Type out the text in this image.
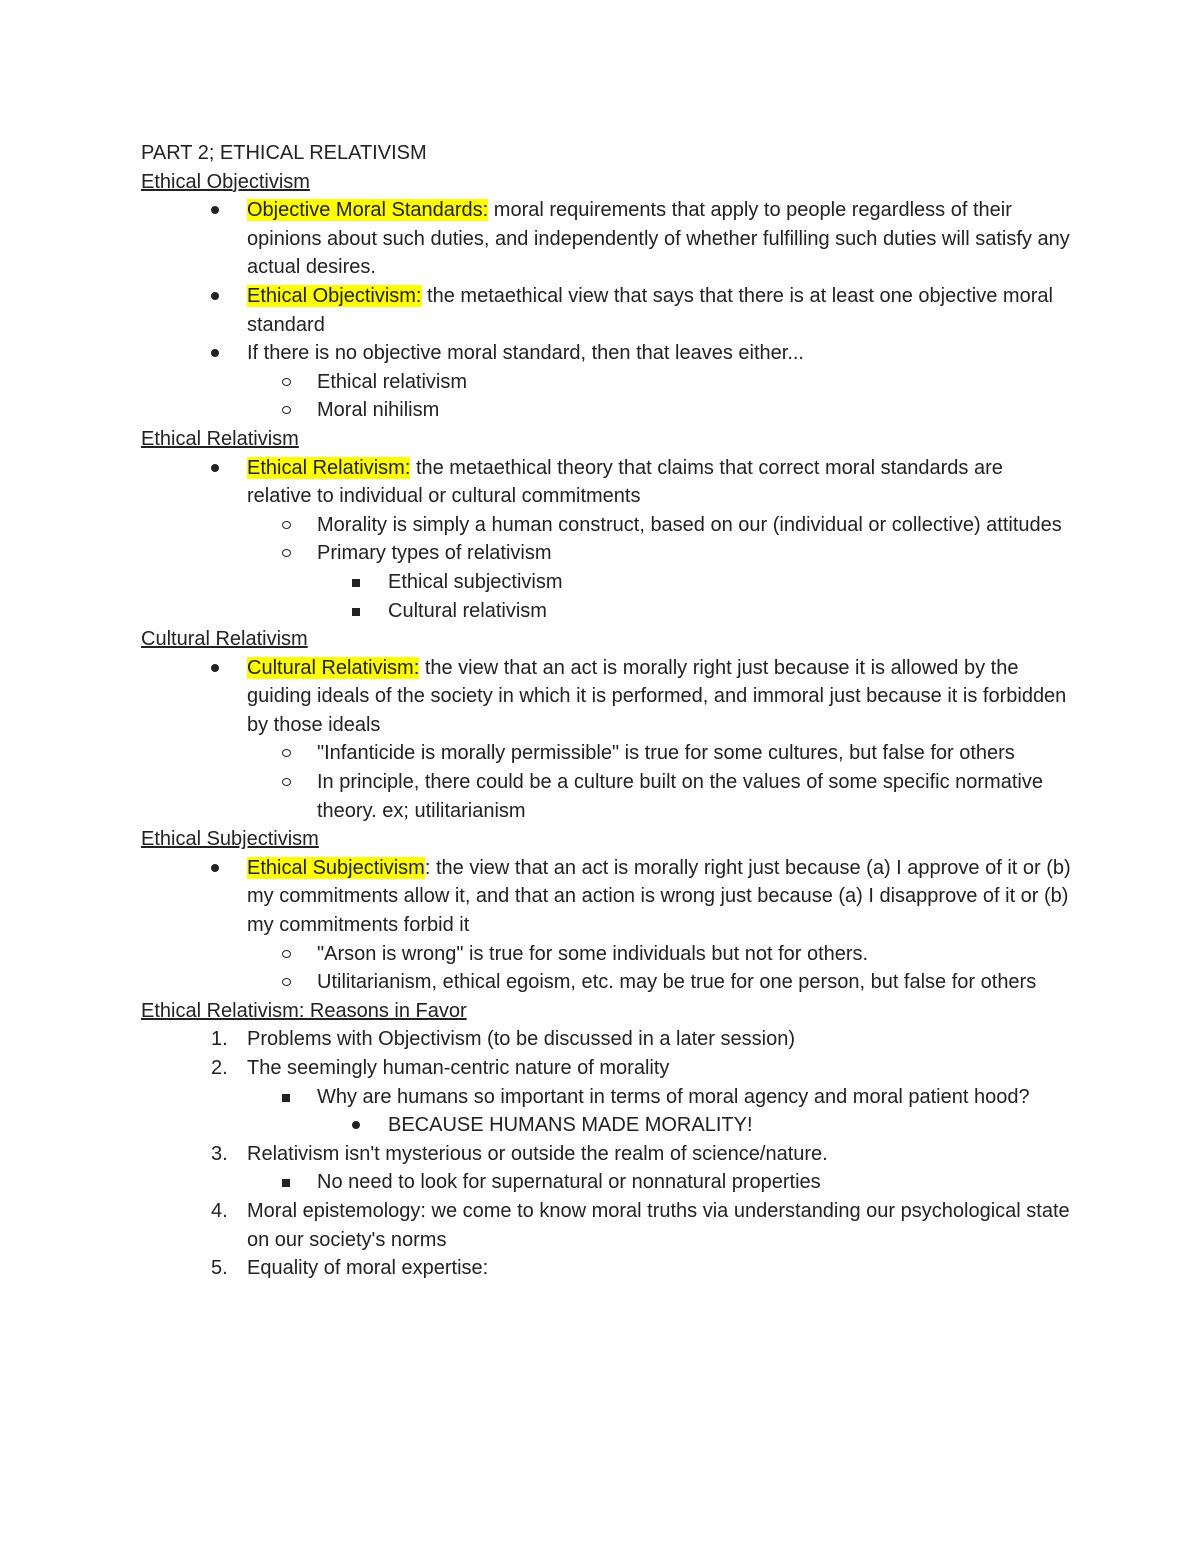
PART 2; ETHICAL RELATIVISM
Ethical Objectivism
Objective Moral Standards: moral requirements that apply to people regardless of their opinions about such duties, and independently of whether fulfilling such duties will satisfy any actual desires.
Ethical Objectivism: the metaethical view that says that there is at least one objective moral standard
If there is no objective moral standard, then that leaves either...
Ethical relativism
Moral nihilism
Ethical Relativism
Ethical Relativism: the metaethical theory that claims that correct moral standards are relative to individual or cultural commitments
Morality is simply a human construct, based on our (individual or collective) attitudes
Primary types of relativism
Ethical subjectivism
Cultural relativism
Cultural Relativism
Cultural Relativism: the view that an act is morally right just because it is allowed by the guiding ideals of the society in which it is performed, and immoral just because it is forbidden by those ideals
"Infanticide is morally permissible" is true for some cultures, but false for others
In principle, there could be a culture built on the values of some specific normative theory. ex; utilitarianism
Ethical Subjectivism
Ethical Subjectivism: the view that an act is morally right just because (a) I approve of it or (b) my commitments allow it, and that an action is wrong just because (a) I disapprove of it or (b) my commitments forbid it
"Arson is wrong" is true for some individuals but not for others.
Utilitarianism, ethical egoism, etc. may be true for one person, but false for others
Ethical Relativism: Reasons in Favor
1. Problems with Objectivism (to be discussed in a later session)
2. The seemingly human-centric nature of morality
Why are humans so important in terms of moral agency and moral patient hood?
BECAUSE HUMANS MADE MORALITY!
3. Relativism isn't mysterious or outside the realm of science/nature.
No need to look for supernatural or nonnatural properties
4. Moral epistemology: we come to know moral truths via understanding our psychological state on our society's norms
5. Equality of moral expertise:
